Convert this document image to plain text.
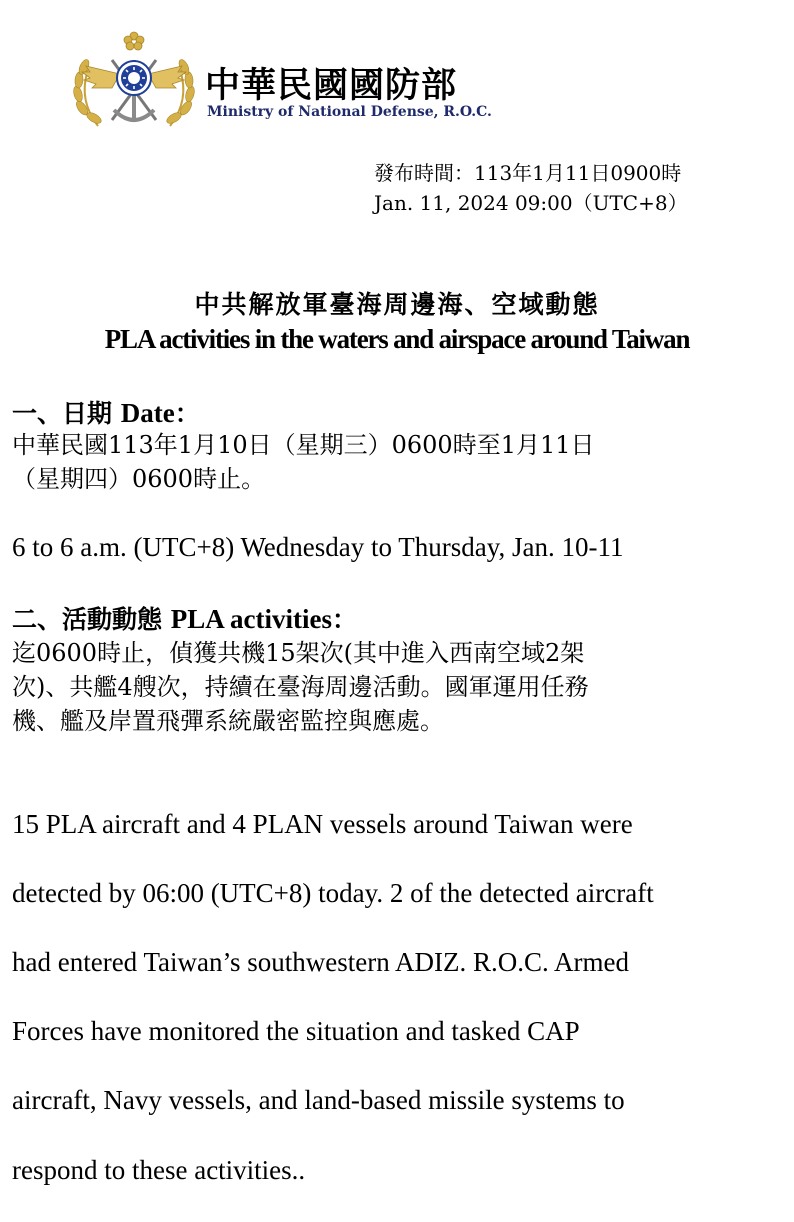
中華民國國防部
Ministry of National Defense, R.O.C.
發布時間：113年1月11日0900時
Jan. 11, 2024 09:00（UTC+8）
中共解放軍臺海周邊海、空域動態
PLA activities in the waters and airspace around Taiwan
一、日期 Date：
中華民國113年1月10日（星期三）0600時至1月11日
（星期四）0600時止。
6 to 6 a.m. (UTC+8) Wednesday to Thursday, Jan. 10-11
二、活動動態 PLA activities：
迄0600時止，偵獲共機15架次(其中進入西南空域2架
次)、共艦4艘次，持續在臺海周邊活動。國軍運用任務
機、艦及岸置飛彈系統嚴密監控與應處。

15 PLA aircraft and 4 PLAN vessels around Taiwan were

detected by 06:00 (UTC+8) today. 2 of the detected aircraft

had entered Taiwan’s southwestern ADIZ. R.O.C. Armed

Forces have monitored the situation and tasked CAP

aircraft, Navy vessels, and land-based missile systems to

respond to these activities..
